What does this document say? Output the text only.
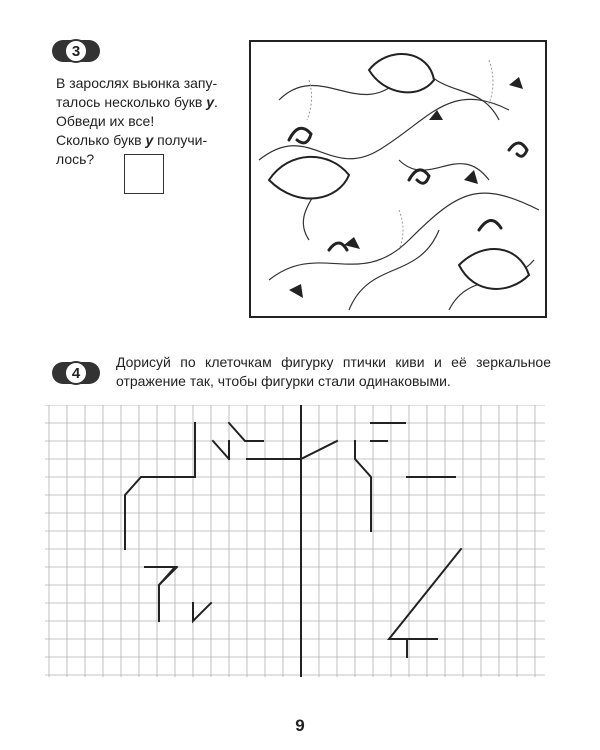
3
В зарослях вьюнка запу-
талось несколько букв у.
Обведи их все!
Сколько букв у получи-
лось?
4
Дорисуй по клеточкам фигурку птички киви и её зеркальное
отражение так, чтобы фигурки стали одинаковыми.
9
